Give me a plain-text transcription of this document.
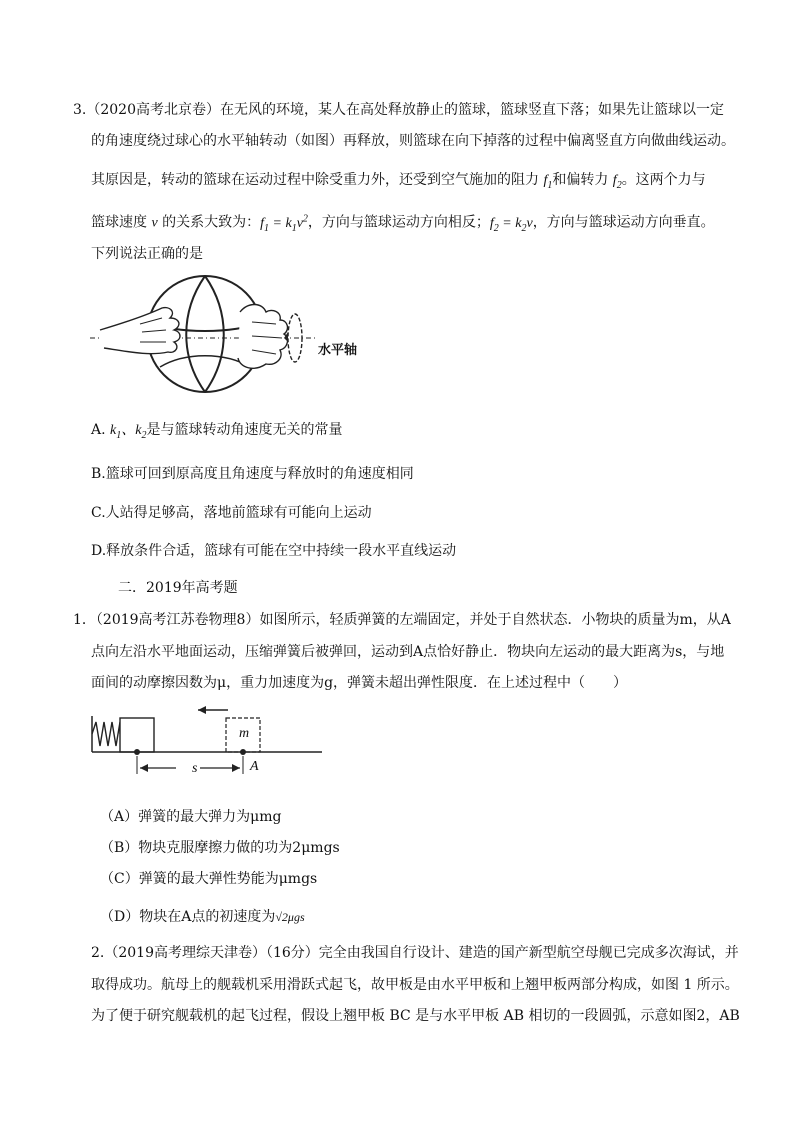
3.（2020高考北京卷）在无风的环境，某人在高处释放静止的篮球，篮球竖直下落；如果先让篮球以一定
的角速度绕过球心的水平轴转动（如图）再释放，则篮球在向下掉落的过程中偏离竖直方向做曲线运动。
其原因是，转动的篮球在运动过程中除受重力外，还受到空气施加的阻力 $f_1$和偏转力 $f_2$。这两个力与
篮球速度 v 的关系大致为：$f_1 = k_1v^2$，方向与篮球运动方向相反；$f_2 = k_2v$，方向与篮球运动方向垂直。
下列说法正确的是
水平轴
A. $k_1$、$k_2$是与篮球转动角速度无关的常量
B.篮球可回到原高度且角速度与释放时的角速度相同
C.人站得足够高，落地前篮球有可能向上运动
D.释放条件合适，篮球有可能在空中持续一段水平直线运动
二．2019年高考题
1．（2019高考江苏卷物理8）如图所示，轻质弹簧的左端固定，并处于自然状态．小物块的质量为m，从A
点向左沿水平地面运动，压缩弹簧后被弹回，运动到A点恰好静止．物块向左运动的最大距离为s，与地
面间的动摩擦因数为μ，重力加速度为g，弹簧未超出弹性限度．在上述过程中（　　）
m
s	A
（A）弹簧的最大弹力为μmg
（B）物块克服摩擦力做的功为2μmgs
（C）弹簧的最大弹性势能为μmgs
（D）物块在A点的初速度为√2μgs
2.（2019高考理综天津卷）（16分）完全由我国自行设计、建造的国产新型航空母舰已完成多次海试，并
取得成功。航母上的舰载机采用滑跃式起飞，故甲板是由水平甲板和上翘甲板两部分构成，如图 1 所示。
为了便于研究舰载机的起飞过程，假设上翘甲板 BC 是与水平甲板 AB 相切的一段圆弧，示意如图2，AB
